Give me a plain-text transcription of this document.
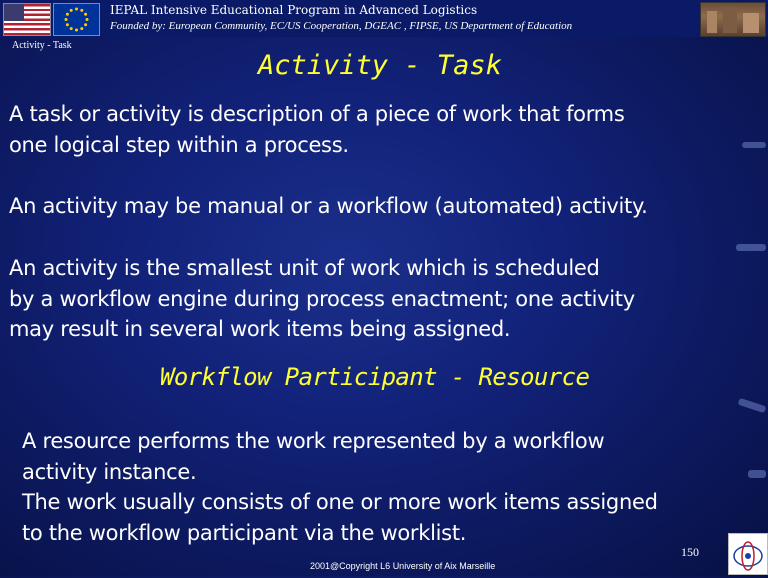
IEPAL Intensive Educational Program in Advanced Logistics
Founded by: European Community, EC/US Cooperation, DGEAC , FIPSE, US Department of Education
Activity - Task
Activity - Task
A task or activity is description of a piece of work that forms
one logical step within a process.
An activity may be manual or a workflow (automated) activity.
An activity is the smallest unit of work which is scheduled
by a workflow engine during process enactment; one activity
may result in several work items being assigned.
Workflow Participant - Resource
A resource performs the work represented by a workflow
activity instance.
The work usually consists of one or more work items assigned
to the workflow participant via the worklist.
150
2001@Copyright L6 University of Aix Marseille
